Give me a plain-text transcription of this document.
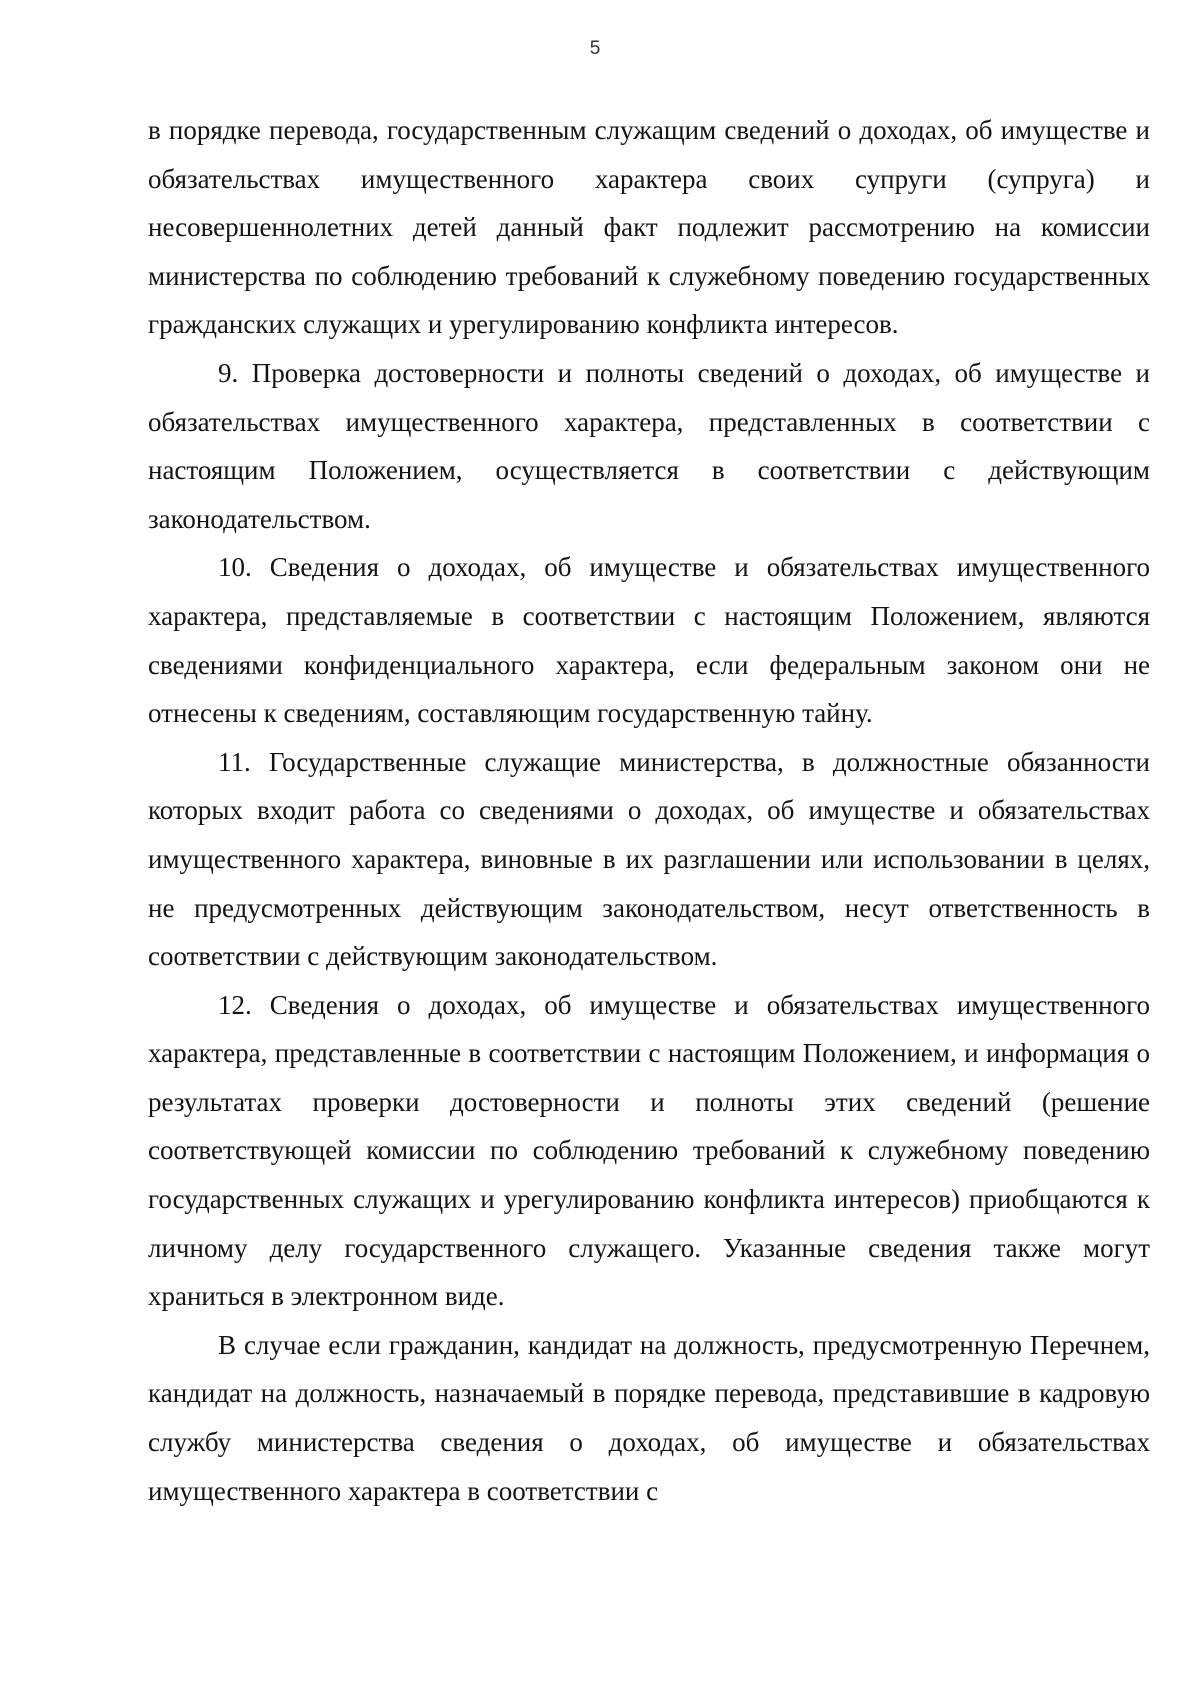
5

в порядке перевода, государственным служащим сведений о доходах, об имуществе и обязательствах имущественного характера своих супруги (супруга) и несовершеннолетних детей данный факт подлежит рассмотрению на комиссии министерства по соблюдению требований к служебному поведению государственных гражданских служащих и урегулированию конфликта интересов.

9. Проверка достоверности и полноты сведений о доходах, об имуществе и обязательствах имущественного характера, представленных в соответствии с настоящим Положением, осуществляется в соответствии с действующим законодательством.

10. Сведения о доходах, об имуществе и обязательствах имущественного характера, представляемые в соответствии с настоящим Положением, являются сведениями конфиденциального характера, если федеральным законом они не отнесены к сведениям, составляющим государственную тайну.

11. Государственные служащие министерства, в должностные обязанности которых входит работа со сведениями о доходах, об имуществе и обязательствах имущественного характера, виновные в их разглашении или использовании в целях, не предусмотренных действующим законодательством, несут ответственность в соответствии с действующим законодательством.

12. Сведения о доходах, об имуществе и обязательствах имущественного характера, представленные в соответствии с настоящим Положением, и информация о результатах проверки достоверности и полноты этих сведений (решение соответствующей комиссии по соблюдению требований к служебному поведению государственных служащих и урегулированию конфликта интересов) приобщаются к личному делу государственного служащего. Указанные сведения также могут храниться в электронном виде.

В случае если гражданин, кандидат на должность, предусмотренную Перечнем, кандидат на должность, назначаемый в порядке перевода, представившие в кадровую службу министерства сведения о доходах, об имуществе и обязательствах имущественного характера в соответствии с
